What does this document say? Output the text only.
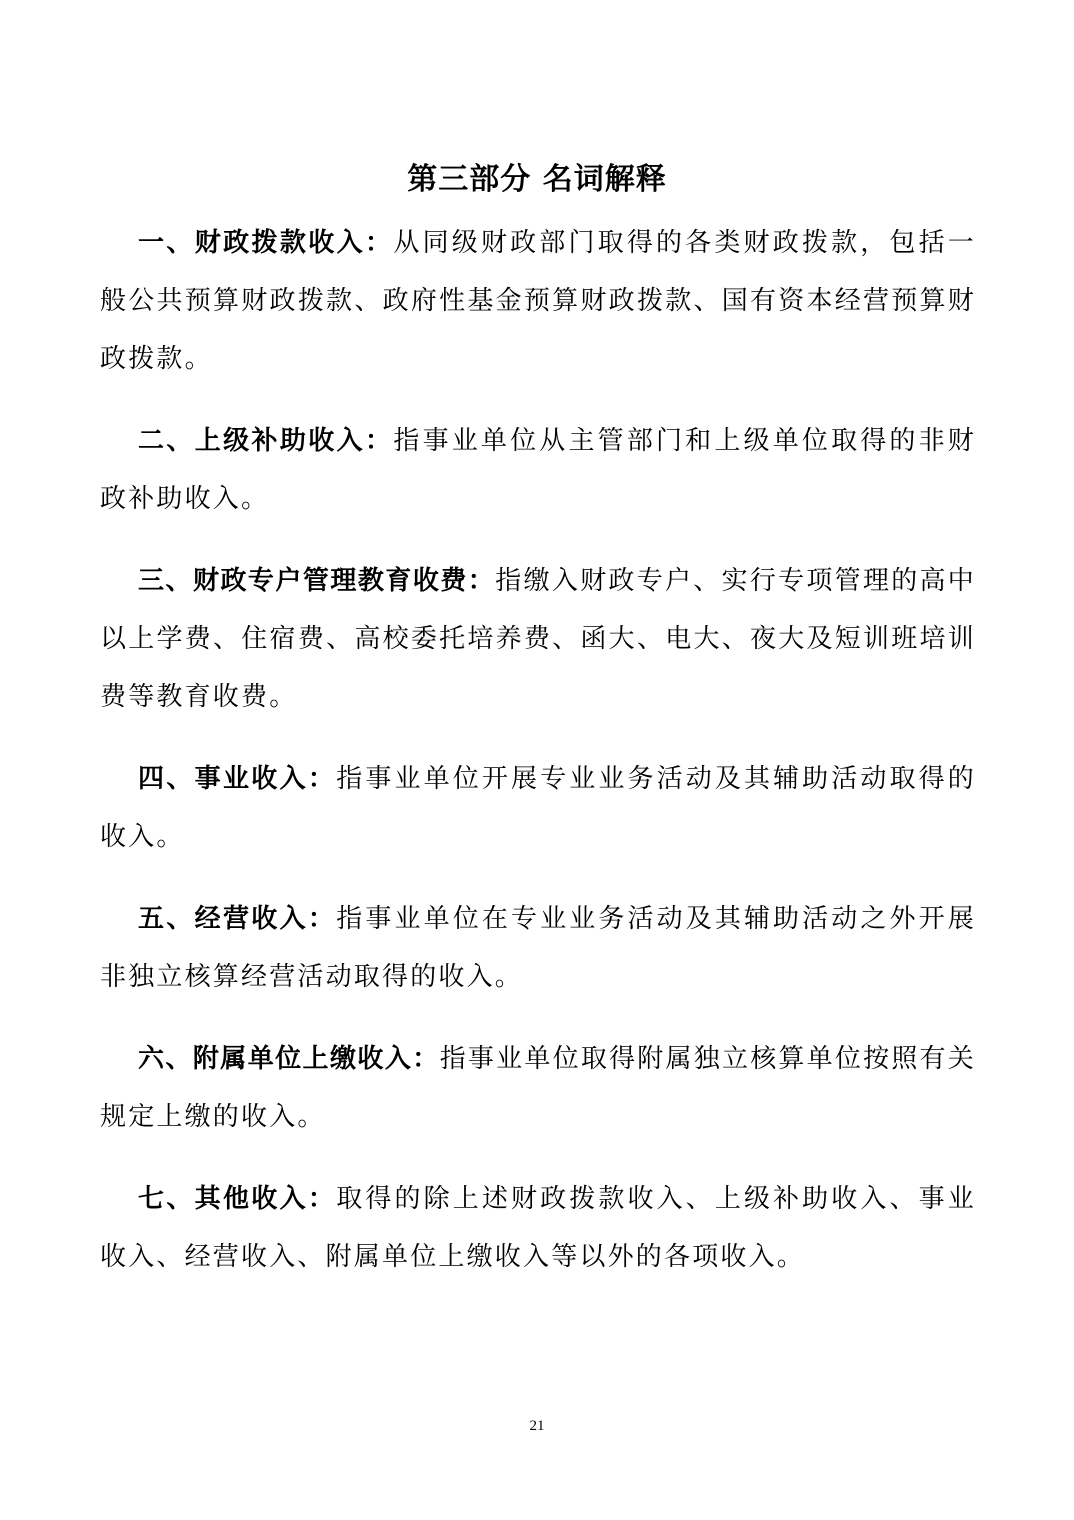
第三部分 名词解释

一、财政拨款收入：从同级财政部门取得的各类财政拨款，包括一般公共预算财政拨款、政府性基金预算财政拨款、国有资本经营预算财政拨款。

二、上级补助收入：指事业单位从主管部门和上级单位取得的非财政补助收入。

三、财政专户管理教育收费：指缴入财政专户、实行专项管理的高中以上学费、住宿费、高校委托培养费、函大、电大、夜大及短训班培训费等教育收费。

四、事业收入：指事业单位开展专业业务活动及其辅助活动取得的收入。

五、经营收入：指事业单位在专业业务活动及其辅助活动之外开展非独立核算经营活动取得的收入。

六、附属单位上缴收入：指事业单位取得附属独立核算单位按照有关规定上缴的收入。

七、其他收入：取得的除上述财政拨款收入、上级补助收入、事业收入、经营收入、附属单位上缴收入等以外的各项收入。

21
